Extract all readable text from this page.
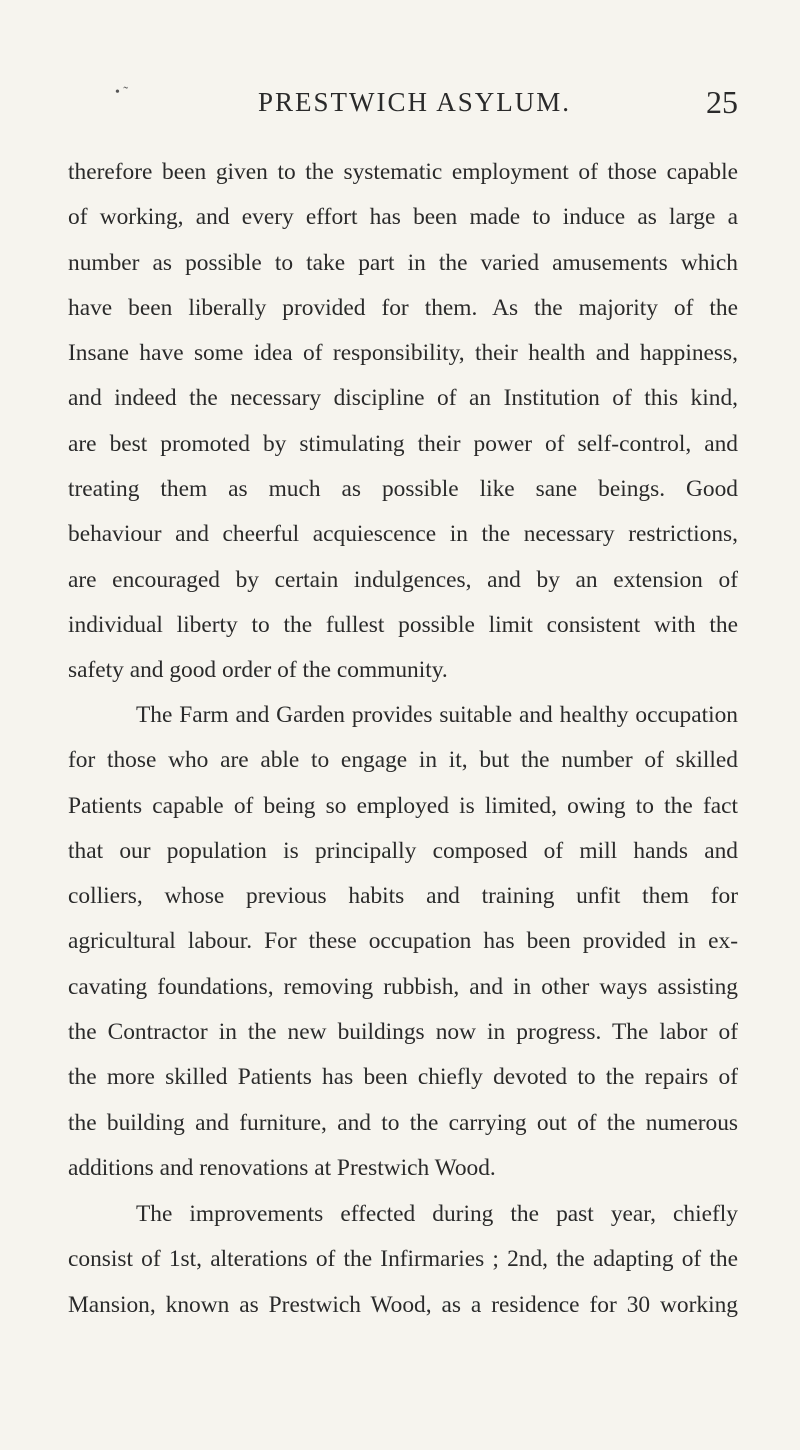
• ˜	PRESTWICH ASYLUM.	25
therefore been given to the systematic employment of those capable
of working, and every effort has been made to induce as large a
number as possible to take part in the varied amusements which
have been liberally provided for them. As the majority of the
Insane have some idea of responsibility, their health and happiness,
and indeed the necessary discipline of an Institution of this kind,
are best promoted by stimulating their power of self-control, and
treating them as much as possible like sane beings. Good
behaviour and cheerful acquiescence in the necessary restrictions,
are encouraged by certain indulgences, and by an extension of
individual liberty to the fullest possible limit consistent with the
safety and good order of the community.
The Farm and Garden provides suitable and healthy occupation
for those who are able to engage in it, but the number of skilled
Patients capable of being so employed is limited, owing to the fact
that our population is principally composed of mill hands and
colliers, whose previous habits and training unfit them for
agricultural labour. For these occupation has been provided in ex-
cavating foundations, removing rubbish, and in other ways assisting
the Contractor in the new buildings now in progress. The labor of
the more skilled Patients has been chiefly devoted to the repairs of
the building and furniture, and to the carrying out of the numerous
additions and renovations at Prestwich Wood.
The improvements effected during the past year, chiefly
consist of 1st, alterations of the Infirmaries ; 2nd, the adapting of the
Mansion, known as Prestwich Wood, as a residence for 30 working
